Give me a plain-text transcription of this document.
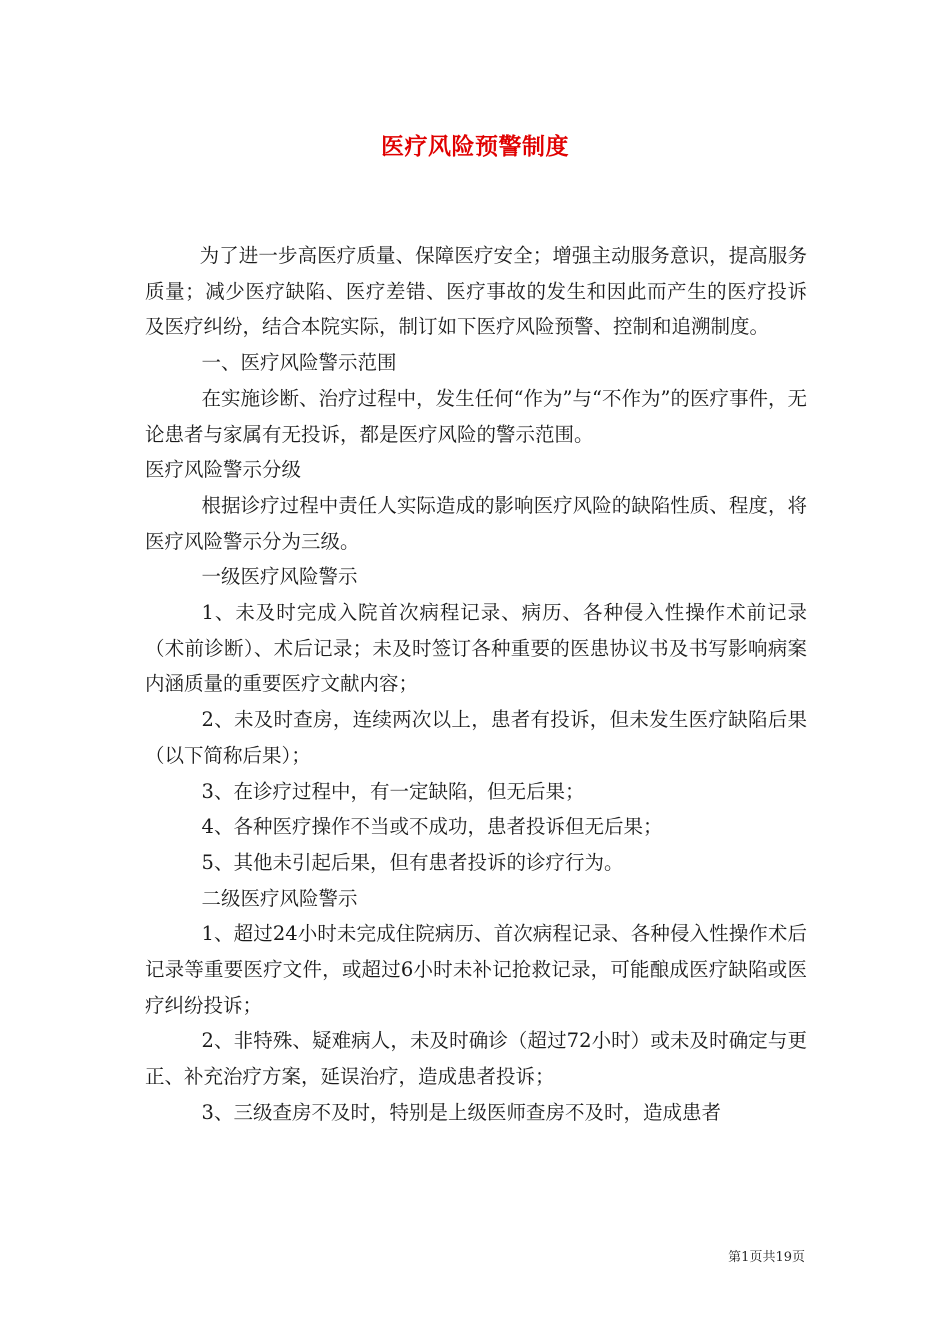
医疗风险预警制度

为了进一步高医疗质量、保障医疗安全；增强主动服务意识，提高服务质量；减少医疗缺陷、医疗差错、医疗事故的发生和因此而产生的医疗投诉及医疗纠纷，结合本院实际，制订如下医疗风险预警、控制和追溯制度。

一、医疗风险警示范围

在实施诊断、治疗过程中，发生任何“作为”与“不作为”的医疗事件，无论患者与家属有无投诉，都是医疗风险的警示范围。

医疗风险警示分级

根据诊疗过程中责任人实际造成的影响医疗风险的缺陷性质、程度，将医疗风险警示分为三级。

一级医疗风险警示

1、未及时完成入院首次病程记录、病历、各种侵入性操作术前记录（术前诊断）、术后记录；未及时签订各种重要的医患协议书及书写影响病案内涵质量的重要医疗文献内容；

2、未及时查房，连续两次以上，患者有投诉，但未发生医疗缺陷后果（以下简称后果）；

3、在诊疗过程中，有一定缺陷，但无后果；

4、各种医疗操作不当或不成功，患者投诉但无后果；

5、其他未引起后果，但有患者投诉的诊疗行为。

二级医疗风险警示

1、超过24小时未完成住院病历、首次病程记录、各种侵入性操作术后记录等重要医疗文件，或超过6小时未补记抢救记录，可能酿成医疗缺陷或医疗纠纷投诉；

2、非特殊、疑难病人，未及时确诊（超过72小时）或未及时确定与更正、补充治疗方案，延误治疗，造成患者投诉；

3、三级查房不及时，特别是上级医师查房不及时，造成患者

第1页共19页
